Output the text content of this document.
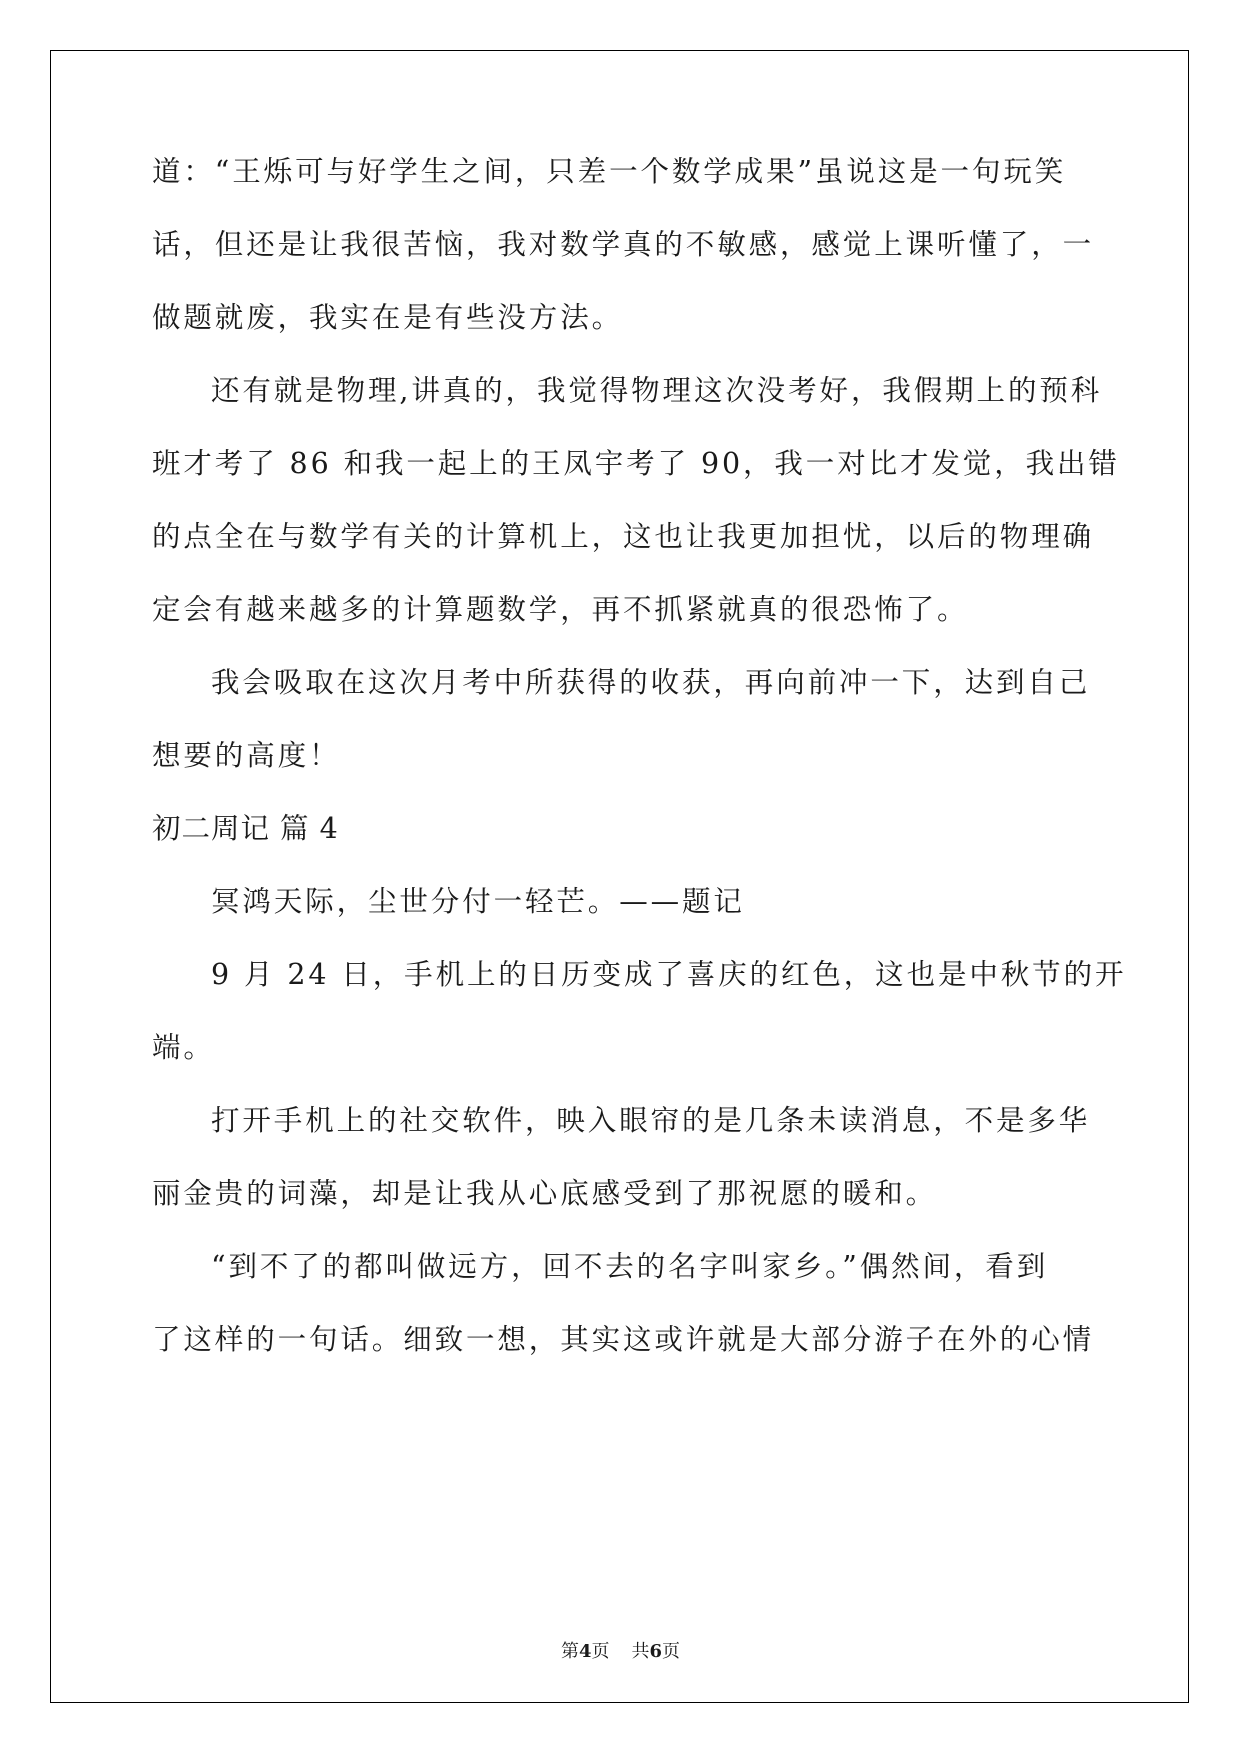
道：“王烁可与好学生之间，只差一个数学成果”虽说这是一句玩笑
话，但还是让我很苦恼，我对数学真的不敏感，感觉上课听懂了，一
做题就废，我实在是有些没方法。
还有就是物理,讲真的，我觉得物理这次没考好，我假期上的预科
班才考了 86 和我一起上的王凤宇考了 90，我一对比才发觉，我出错
的点全在与数学有关的计算机上，这也让我更加担忧，以后的物理确
定会有越来越多的计算题数学，再不抓紧就真的很恐怖了。
我会吸取在这次月考中所获得的收获，再向前冲一下，达到自己
想要的高度！
初二周记 篇 4
冥鸿天际，尘世分付一轻芒。——题记
9 月 24 日，手机上的日历变成了喜庆的红色，这也是中秋节的开
端。
打开手机上的社交软件，映入眼帘的是几条未读消息，不是多华
丽金贵的词藻，却是让我从心底感受到了那祝愿的暖和。
“到不了的都叫做远方，回不去的名字叫家乡。”偶然间，看到
了这样的一句话。细致一想，其实这或许就是大部分游子在外的心情
第4页 共6页
